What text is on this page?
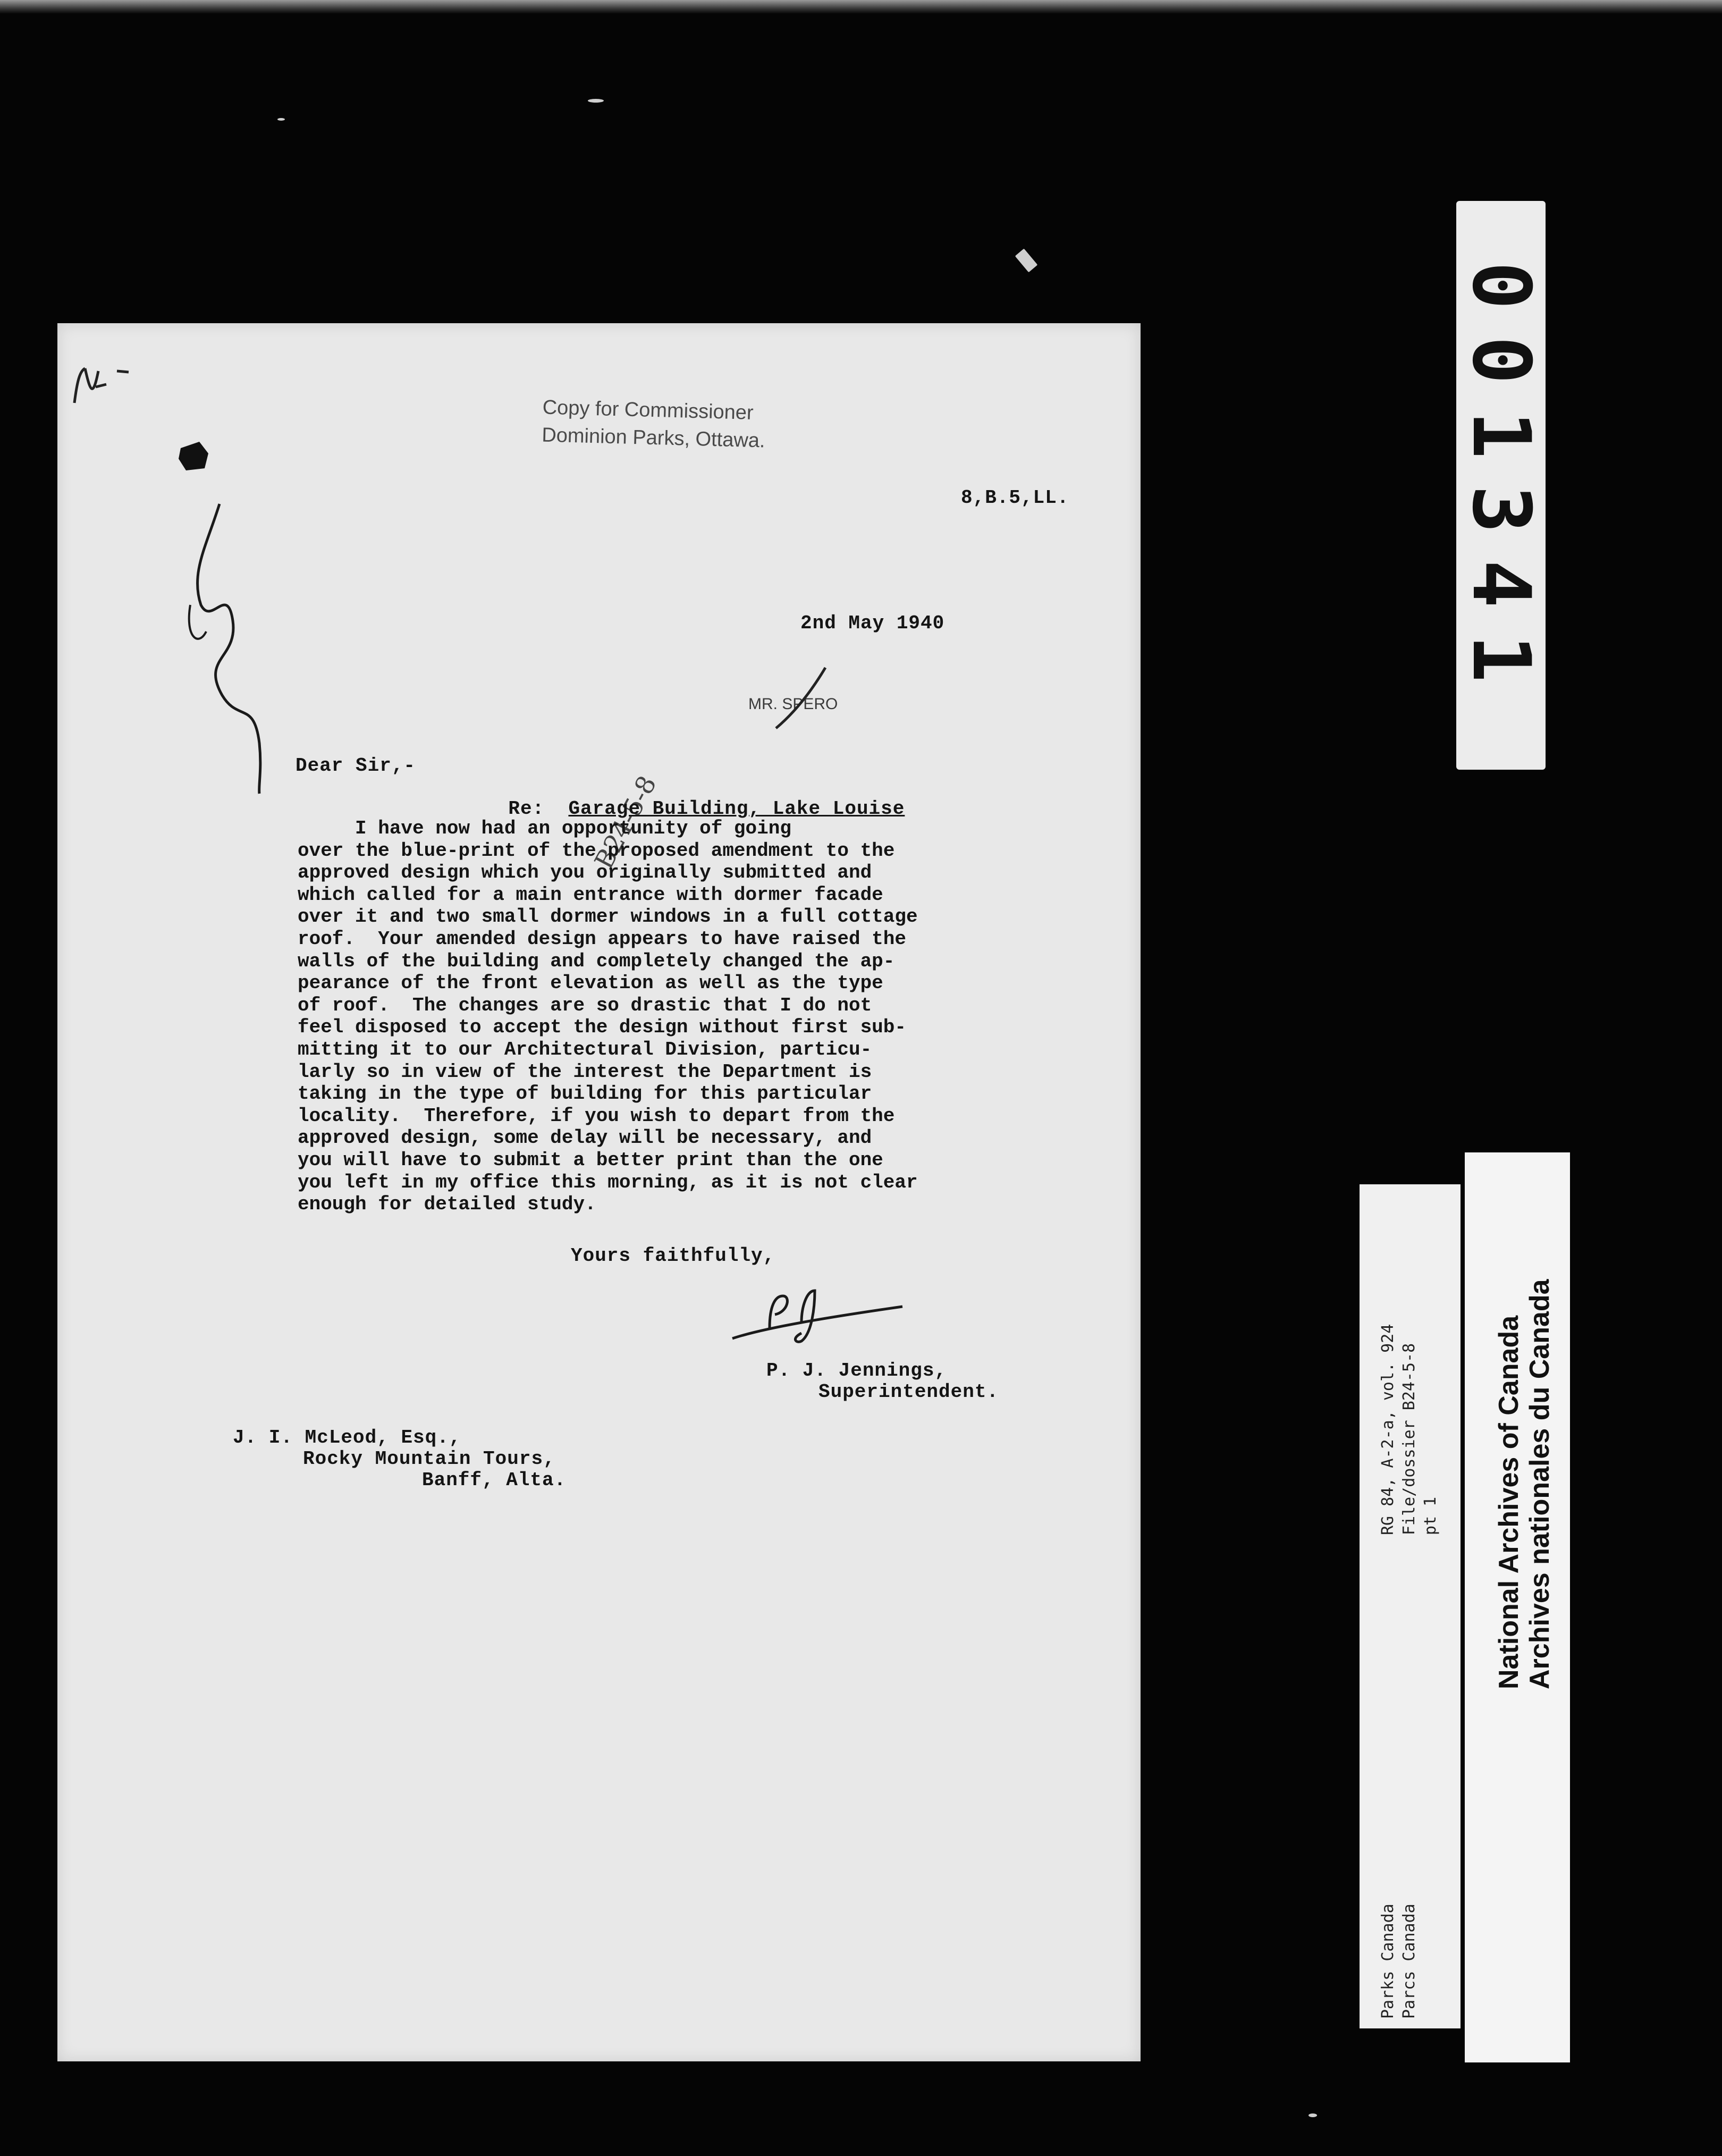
Copy for Commissioner
Dominion Parks, Ottawa.
8,B.5,LL.
2nd May 1940
MR. SPERO
B24-5-8
Dear Sir,-

Re: Garage Building, Lake Louise

I have now had an opportunity of going
over the blue-print of the proposed amendment to the
approved design which you originally submitted and
which called for a main entrance with dormer facade
over it and two small dormer windows in a full cottage
roof.  Your amended design appears to have raised the
walls of the building and completely changed the ap-
pearance of the front elevation as well as the type
of roof.  The changes are so drastic that I do not
feel disposed to accept the design without first sub-
mitting it to our Architectural Division, particu-
larly so in view of the interest the Department is
taking in the type of building for this particular
locality.  Therefore, if you wish to depart from the
approved design, some delay will be necessary, and
you will have to submit a better print than the one
you left in my office this morning, as it is not clear
enough for detailed study.
Yours faithfully,
P. J. Jennings,
Superintendent.
J. I. McLeod, Esq.,
Rocky Mountain Tours,
Banff, Alta.
001341
Parks Canada Parcs Canada
RG 84, A-2-a, vol. 924 File/dossier B24-5-8 pt 1 National Archives of Canada Archives nationales du Canada
